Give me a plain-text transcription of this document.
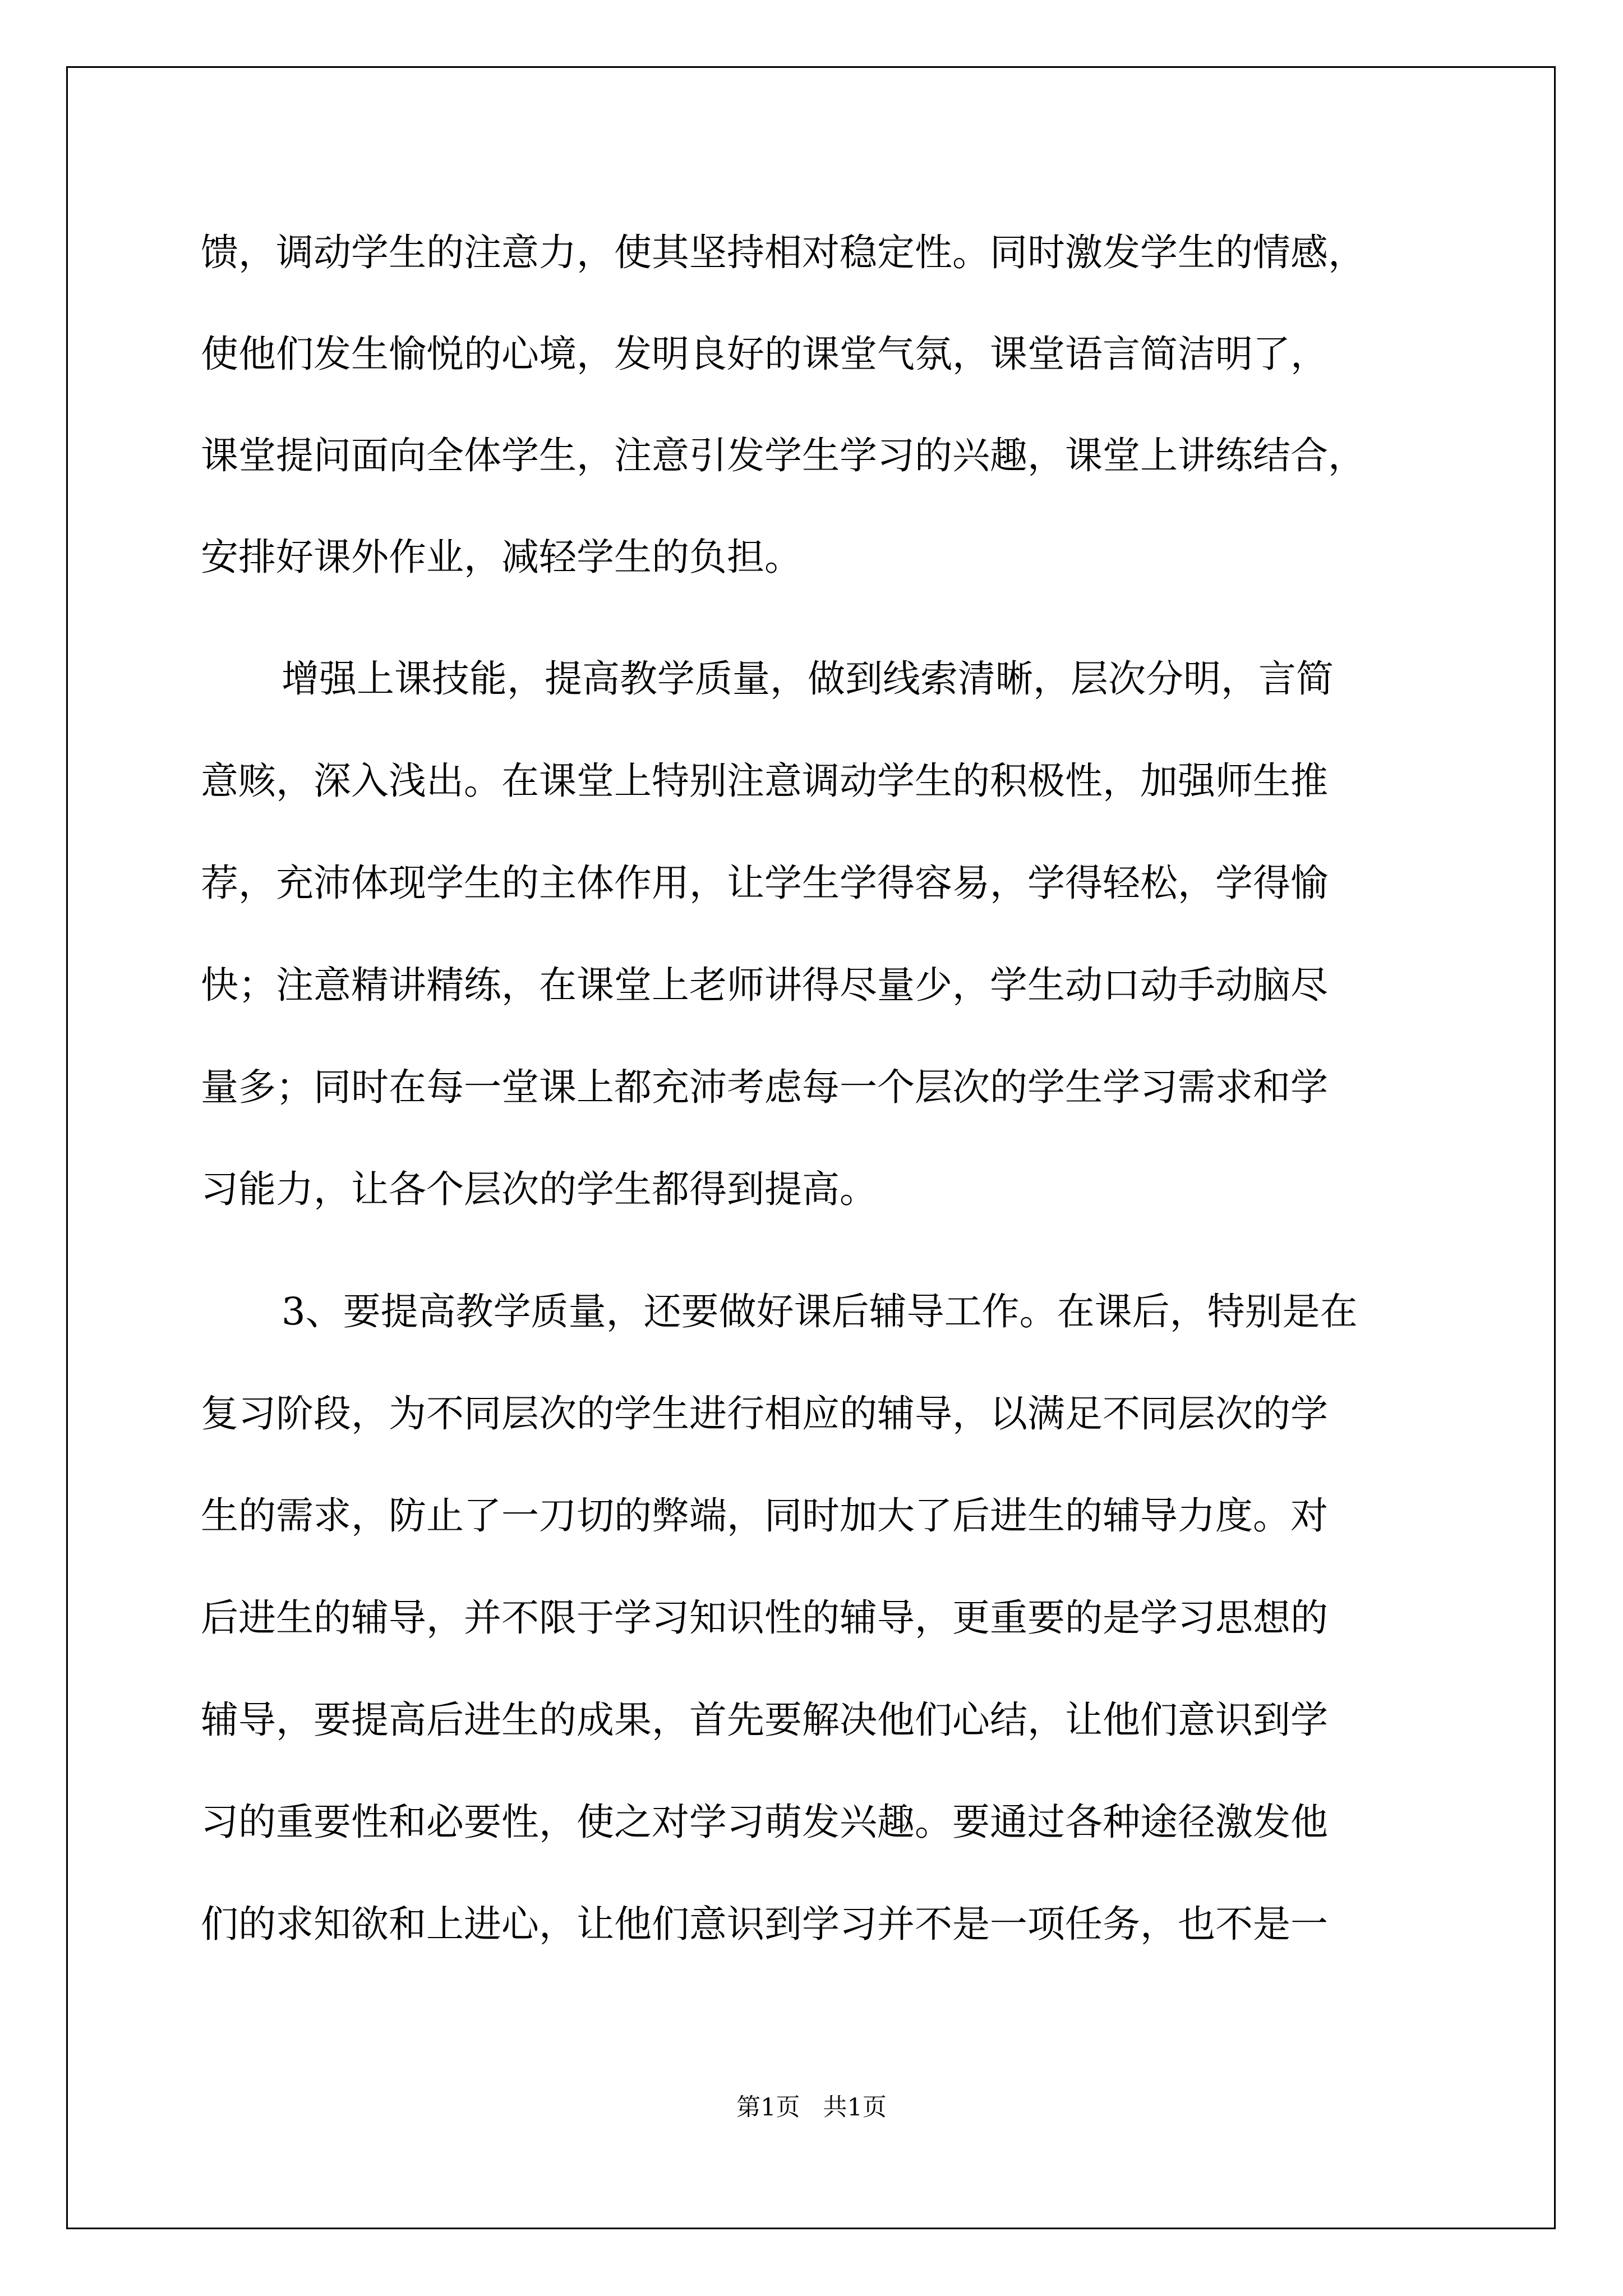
馈，调动学生的注意力，使其坚持相对稳定性。同时激发学生的情感，
使他们发生愉悦的心境，发明良好的课堂气氛，课堂语言简洁明了，
课堂提问面向全体学生，注意引发学生学习的兴趣，课堂上讲练结合，
安排好课外作业，减轻学生的负担。
增强上课技能，提高教学质量，做到线索清晰，层次分明，言简
意赅，深入浅出。在课堂上特别注意调动学生的积极性，加强师生推
荐，充沛体现学生的主体作用，让学生学得容易，学得轻松，学得愉
快；注意精讲精练，在课堂上老师讲得尽量少，学生动口动手动脑尽
量多；同时在每一堂课上都充沛考虑每一个层次的学生学习需求和学
习能力，让各个层次的学生都得到提高。
3、要提高教学质量，还要做好课后辅导工作。在课后，特别是在
复习阶段，为不同层次的学生进行相应的辅导，以满足不同层次的学
生的需求，防止了一刀切的弊端，同时加大了后进生的辅导力度。对
后进生的辅导，并不限于学习知识性的辅导，更重要的是学习思想的
辅导，要提高后进生的成果，首先要解决他们心结，让他们意识到学
习的重要性和必要性，使之对学习萌发兴趣。要通过各种途径激发他
们的求知欲和上进心，让他们意识到学习并不是一项任务，也不是一
第1页   共1页
